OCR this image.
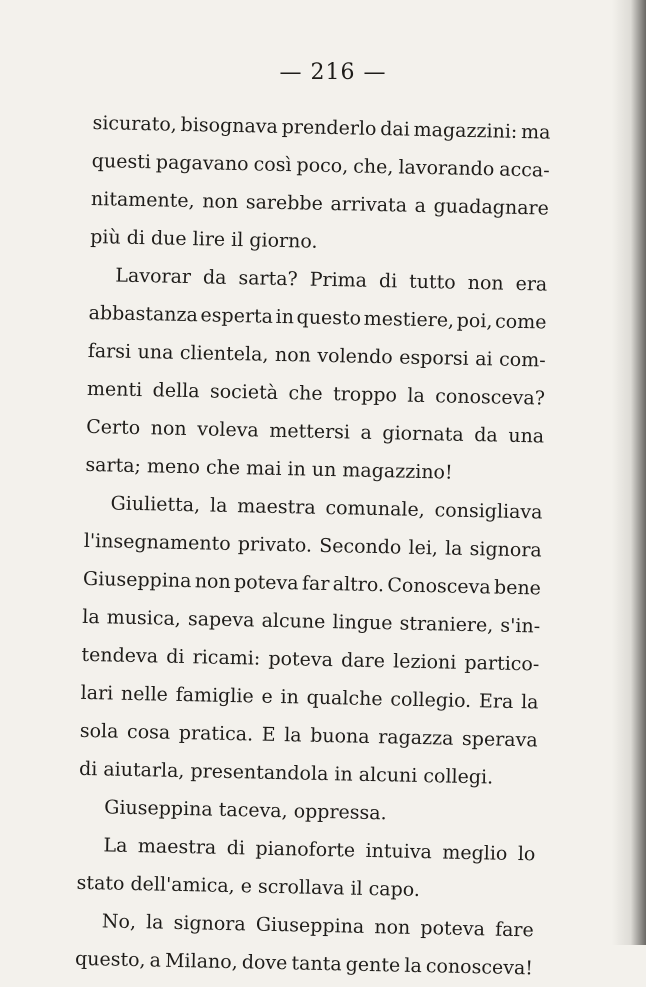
— 216 —
sicurato, bisognava prenderlo dai magazzini: ma
questi pagavano così poco, che, lavorando acca-
nitamente, non sarebbe arrivata a guadagnare
più di due lire il giorno.
Lavorar da sarta? Prima di tutto non era
abbastanza esperta in questo mestiere, poi, come
farsi una clientela, non volendo esporsi ai com-
menti della società che troppo la conosceva?
Certo non voleva mettersi a giornata da una
sarta; meno che mai in un magazzino!
Giulietta, la maestra comunale, consigliava
l'insegnamento privato. Secondo lei, la signora
Giuseppina non poteva far altro. Conosceva bene
la musica, sapeva alcune lingue straniere, s'in-
tendeva di ricami: poteva dare lezioni partico-
lari nelle famiglie e in qualche collegio. Era la
sola cosa pratica. E la buona ragazza sperava
di aiutarla, presentandola in alcuni collegi.
Giuseppina taceva, oppressa.
La maestra di pianoforte intuiva meglio lo
stato dell'amica, e scrollava il capo.
No, la signora Giuseppina non poteva fare
questo, a Milano, dove tanta gente la conosceva!
